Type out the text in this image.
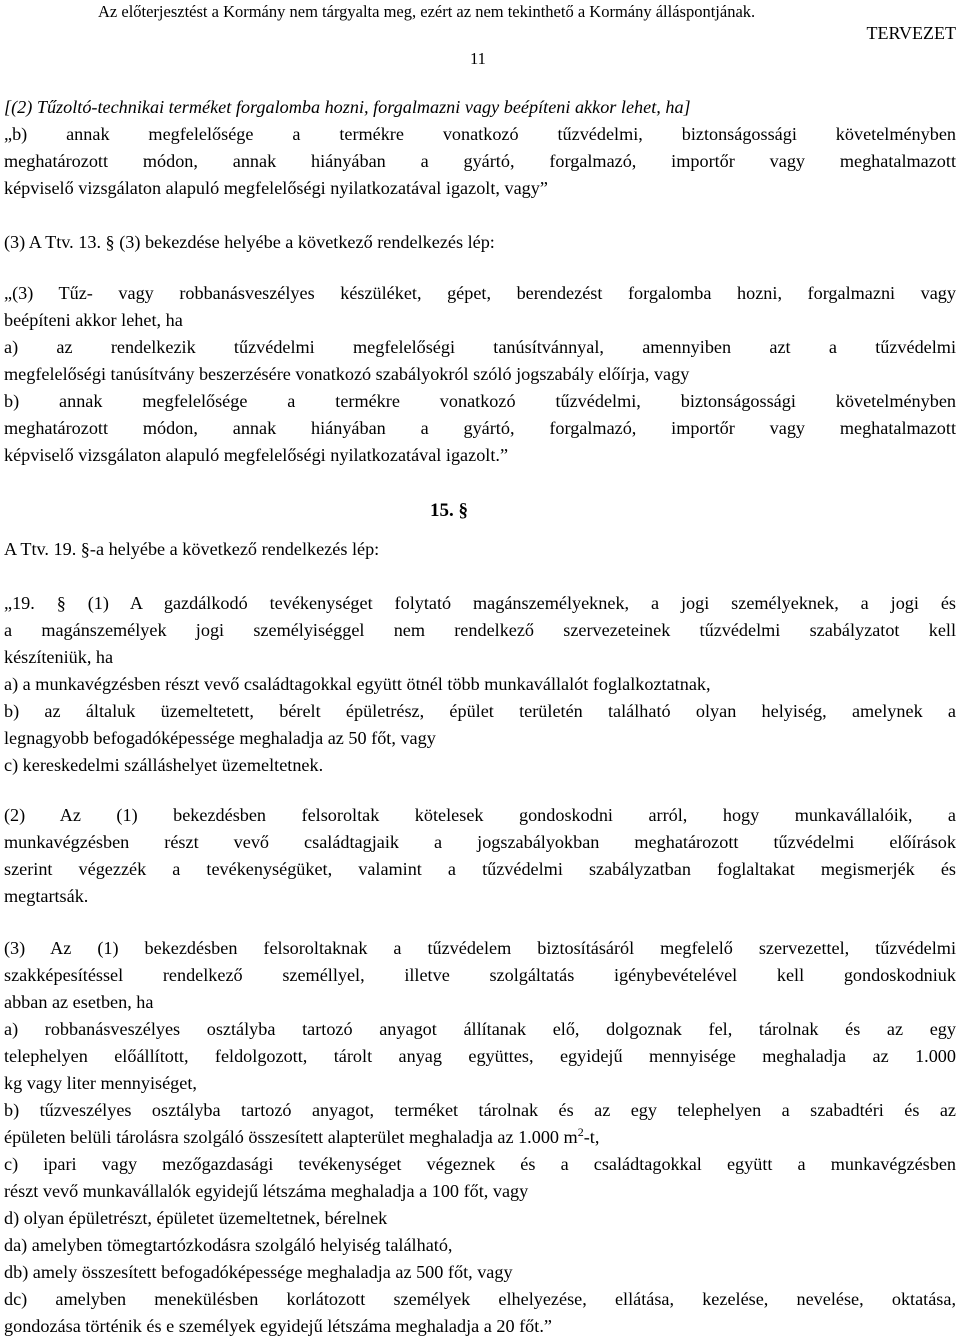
Az előterjesztést a Kormány nem tárgyalta meg, ezért az nem tekinthető a Kormány álláspontjának.
TERVEZET
11
[(2) Tűzoltó-technikai terméket forgalomba hozni, forgalmazni vagy beépíteni akkor lehet, ha]
„b) annak megfelelősége a termékre vonatkozó tűzvédelmi, biztonságossági követelményben
meghatározott módon, annak hiányában a gyártó, forgalmazó, importőr vagy meghatalmazott
képviselő vizsgálaton alapuló megfelelőségi nyilatkozatával igazolt, vagy”
(3) A Ttv. 13. § (3) bekezdése helyébe a következő rendelkezés lép:
„(3) Tűz- vagy robbanásveszélyes készüléket, gépet, berendezést forgalomba hozni, forgalmazni vagy
beépíteni akkor lehet, ha
a) az rendelkezik tűzvédelmi megfelelőségi tanúsítvánnyal, amennyiben azt a tűzvédelmi
megfelelőségi tanúsítvány beszerzésére vonatkozó szabályokról szóló jogszabály előírja, vagy
b) annak megfelelősége a termékre vonatkozó tűzvédelmi, biztonságossági követelményben
meghatározott módon, annak hiányában a gyártó, forgalmazó, importőr vagy meghatalmazott
képviselő vizsgálaton alapuló megfelelőségi nyilatkozatával igazolt.”
15. §
A Ttv. 19. §-a helyébe a következő rendelkezés lép:
„19. § (1) A gazdálkodó tevékenységet folytató magánszemélyeknek, a jogi személyeknek, a jogi és
a magánszemélyek jogi személyiséggel nem rendelkező szervezeteinek tűzvédelmi szabályzatot kell
készíteniük, ha
a) a munkavégzésben részt vevő családtagokkal együtt ötnél több munkavállalót foglalkoztatnak,
b) az általuk üzemeltetett, bérelt épületrész, épület területén található olyan helyiség, amelynek a
legnagyobb befogadóképessége meghaladja az 50 főt, vagy
c) kereskedelmi szálláshelyet üzemeltetnek.
(2) Az (1) bekezdésben felsoroltak kötelesek gondoskodni arról, hogy munkavállalóik, a
munkavégzésben részt vevő családtagjaik a jogszabályokban meghatározott tűzvédelmi előírások
szerint végezzék a tevékenységüket, valamint a tűzvédelmi szabályzatban foglaltakat megismerjék és
megtartsák.
(3) Az (1) bekezdésben felsoroltaknak a tűzvédelem biztosításáról megfelelő szervezettel, tűzvédelmi
szakképesítéssel rendelkező személlyel, illetve szolgáltatás igénybevételével kell gondoskodniuk
abban az esetben, ha
a) robbanásveszélyes osztályba tartozó anyagot állítanak elő, dolgoznak fel, tárolnak és az egy
telephelyen előállított, feldolgozott, tárolt anyag együttes, egyidejű mennyisége meghaladja az 1.000
kg vagy liter mennyiséget,
b) tűzveszélyes osztályba tartozó anyagot, terméket tárolnak és az egy telephelyen a szabadtéri és az
épületen belüli tárolásra szolgáló összesített alapterület meghaladja az 1.000 $m^2-t$,
c) ipari vagy mezőgazdasági tevékenységet végeznek és a családtagokkal együtt a munkavégzésben
részt vevő munkavállalók egyidejű létszáma meghaladja a 100 főt, vagy
d) olyan épületrészt, épületet üzemeltetnek, bérelnek
da) amelyben tömegtartózkodásra szolgáló helyiség található,
db) amely összesített befogadóképessége meghaladja az 500 főt, vagy
dc) amelyben menekülésben korlátozott személyek elhelyezése, ellátása, kezelése, nevelése, oktatása,
gondozása történik és e személyek egyidejű létszáma meghaladja a 20 főt.”
